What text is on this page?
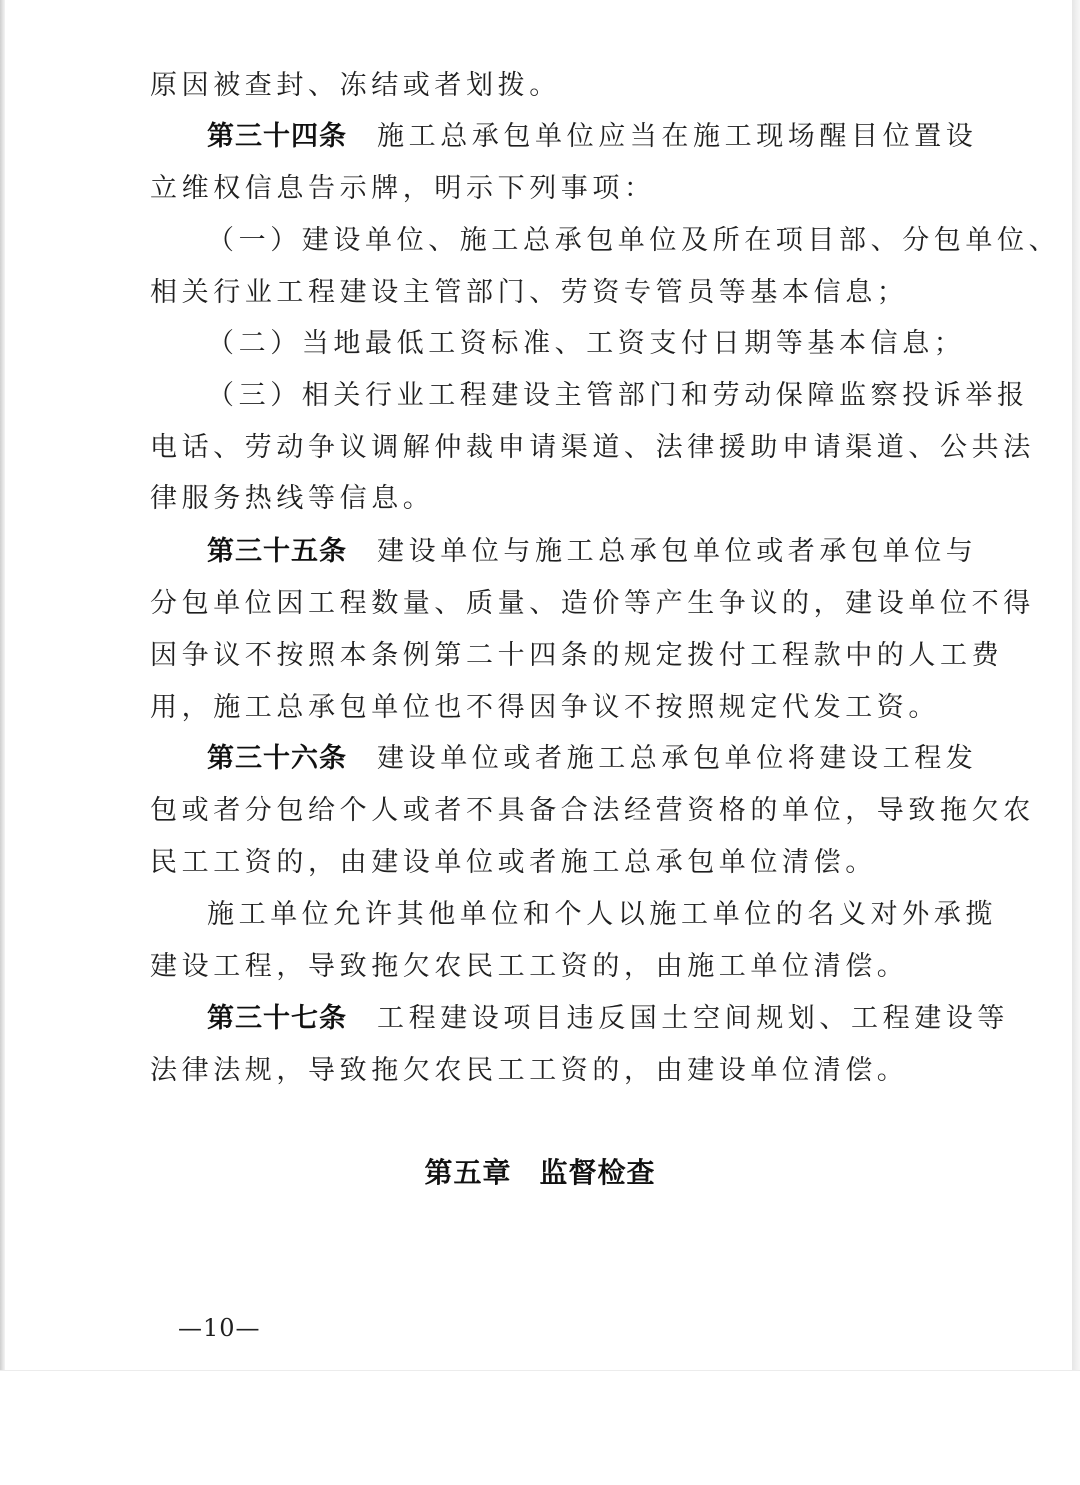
原因被查封、冻结或者划拨。
第三十四条 施工总承包单位应当在施工现场醒目位置设
立维权信息告示牌，明示下列事项：
（一）建设单位、施工总承包单位及所在项目部、分包单位、
相关行业工程建设主管部门、劳资专管员等基本信息；
（二）当地最低工资标准、工资支付日期等基本信息；
（三）相关行业工程建设主管部门和劳动保障监察投诉举报
电话、劳动争议调解仲裁申请渠道、法律援助申请渠道、公共法
律服务热线等信息。
第三十五条 建设单位与施工总承包单位或者承包单位与
分包单位因工程数量、质量、造价等产生争议的，建设单位不得
因争议不按照本条例第二十四条的规定拨付工程款中的人工费
用，施工总承包单位也不得因争议不按照规定代发工资。
第三十六条 建设单位或者施工总承包单位将建设工程发
包或者分包给个人或者不具备合法经营资格的单位，导致拖欠农
民工工资的，由建设单位或者施工总承包单位清偿。
施工单位允许其他单位和个人以施工单位的名义对外承揽
建设工程，导致拖欠农民工工资的，由施工单位清偿。
第三十七条 工程建设项目违反国土空间规划、工程建设等
法律法规，导致拖欠农民工工资的，由建设单位清偿。
第五章 监督检查
—10—
